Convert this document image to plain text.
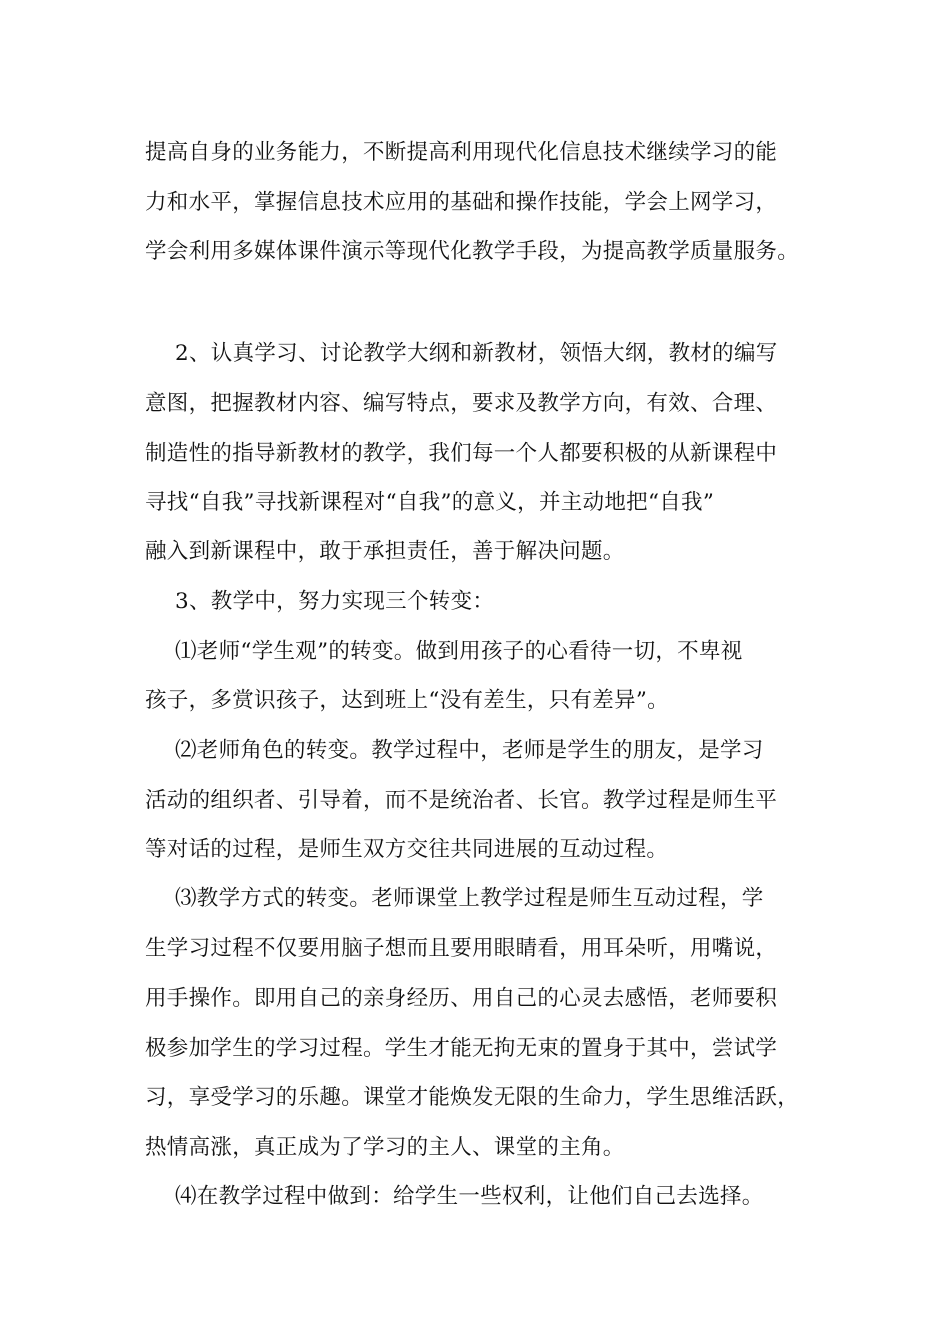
提高自身的业务能力，不断提高利用现代化信息技术继续学习的能
力和水平，掌握信息技术应用的基础和操作技能，学会上网学习，
学会利用多媒体课件演示等现代化教学手段，为提高教学质量服务。
2、认真学习、讨论教学大纲和新教材，领悟大纲，教材的编写
意图，把握教材内容、编写特点，要求及教学方向，有效、合理、
制造性的指导新教材的教学，我们每一个人都要积极的从新课程中
寻找“自我”寻找新课程对“自我”的意义，并主动地把“自我”
融入到新课程中，敢于承担责任，善于解决问题。
3、教学中，努力实现三个转变：
⑴老师“学生观”的转变。做到用孩子的心看待一切，不卑视
孩子，多赏识孩子，达到班上“没有差生，只有差异”。
⑵老师角色的转变。教学过程中，老师是学生的朋友，是学习
活动的组织者、引导着，而不是统治者、长官。教学过程是师生平
等对话的过程，是师生双方交往共同进展的互动过程。
⑶教学方式的转变。老师课堂上教学过程是师生互动过程，学
生学习过程不仅要用脑子想而且要用眼睛看，用耳朵听，用嘴说，
用手操作。即用自己的亲身经历、用自己的心灵去感悟，老师要积
极参加学生的学习过程。学生才能无拘无束的置身于其中，尝试学
习，享受学习的乐趣。课堂才能焕发无限的生命力，学生思维活跃，
热情高涨，真正成为了学习的主人、课堂的主角。
⑷在教学过程中做到：给学生一些权利，让他们自己去选择。
